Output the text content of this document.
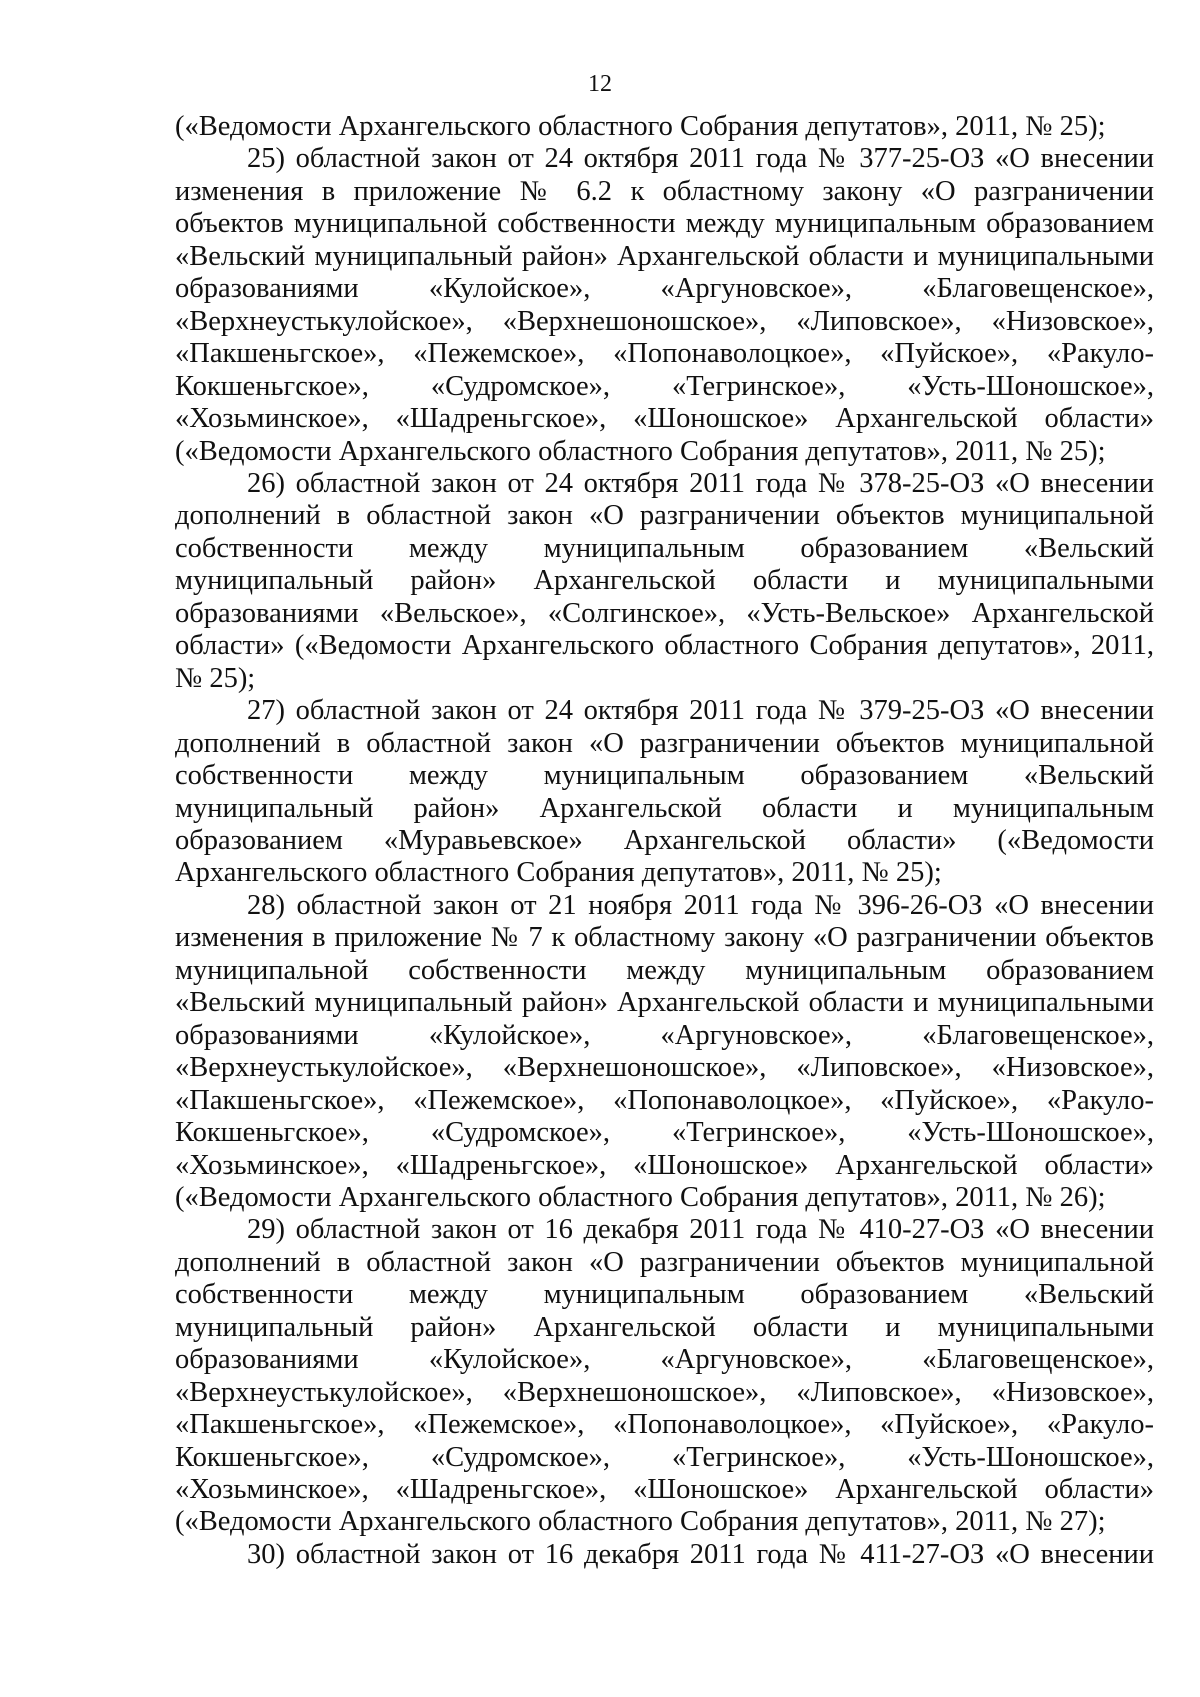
12

(«Ведомости Архангельского областного Собрания депутатов», 2011, № 25);

25) областной закон от 24 октября 2011 года № 377-25-ОЗ «О внесении изменения в приложение № 6.2 к областному закону «О разграничении объектов муниципальной собственности между муниципальным образованием «Вельский муниципальный район» Архангельской области и муниципальными образованиями «Кулойское», «Аргуновское», «Благовещенское», «Верхнеустькулойское», «Верхнешоношское», «Липовское», «Низовское», «Пакшеньгское», «Пежемское», «Попонаволоцкое», «Пуйское», «Ракуло-Кокшеньгское», «Судромское», «Тегринское», «Усть-Шоношское», «Хозьминское», «Шадреньгское», «Шоношское» Архангельской области» («Ведомости Архангельского областного Собрания депутатов», 2011, № 25);

26) областной закон от 24 октября 2011 года № 378-25-ОЗ «О внесении дополнений в областной закон «О разграничении объектов муниципальной собственности между муниципальным образованием «Вельский муниципальный район» Архангельской области и муниципальными образованиями «Вельское», «Солгинское», «Усть-Вельское» Архангельской области» («Ведомости Архангельского областного Собрания депутатов», 2011, № 25);

27) областной закон от 24 октября 2011 года № 379-25-ОЗ «О внесении дополнений в областной закон «О разграничении объектов муниципальной собственности между муниципальным образованием «Вельский муниципальный район» Архангельской области и муниципальным образованием «Муравьевское» Архангельской области» («Ведомости Архангельского областного Собрания депутатов», 2011, № 25);

28) областной закон от 21 ноября 2011 года № 396-26-ОЗ «О внесении изменения в приложение № 7 к областному закону «О разграничении объектов муниципальной собственности между муниципальным образованием «Вельский муниципальный район» Архангельской области и муниципальными образованиями «Кулойское», «Аргуновское», «Благовещенское», «Верхнеустькулойское», «Верхнешоношское», «Липовское», «Низовское», «Пакшеньгское», «Пежемское», «Попонаволоцкое», «Пуйское», «Ракуло-Кокшеньгское», «Судромское», «Тегринское», «Усть-Шоношское», «Хозьминское», «Шадреньгское», «Шоношское» Архангельской области» («Ведомости Архангельского областного Собрания депутатов», 2011, № 26);

29) областной закон от 16 декабря 2011 года № 410-27-ОЗ «О внесении дополнений в областной закон «О разграничении объектов муниципальной собственности между муниципальным образованием «Вельский муниципальный район» Архангельской области и муниципальными образованиями «Кулойское», «Аргуновское», «Благовещенское», «Верхнеустькулойское», «Верхнешоношское», «Липовское», «Низовское», «Пакшеньгское», «Пежемское», «Попонаволоцкое», «Пуйское», «Ракуло-Кокшеньгское», «Судромское», «Тегринское», «Усть-Шоношское», «Хозьминское», «Шадреньгское», «Шоношское» Архангельской области» («Ведомости Архангельского областного Собрания депутатов», 2011, № 27);

30) областной закон от 16 декабря 2011 года № 411-27-ОЗ «О внесении
